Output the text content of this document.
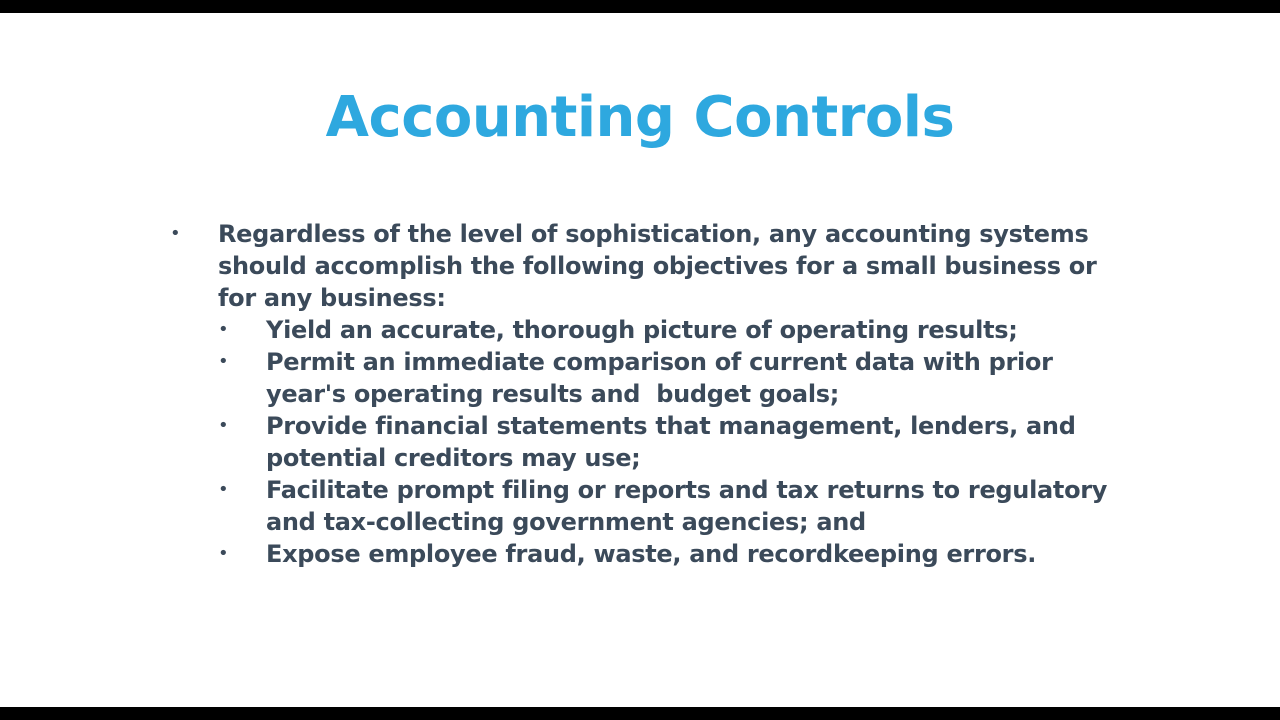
Accounting Controls
•	Regardless of the level of sophistication, any accounting systems should accomplish the following objectives for a small business or for any business:
•	Yield an accurate, thorough picture of operating results;
•	Permit an immediate comparison of current data with prior year's operating results and  budget goals;
•	Provide financial statements that management, lenders, and potential creditors may use;
•	Facilitate prompt filing or reports and tax returns to regulatory and tax-collecting government agencies; and
•	Expose employee fraud, waste, and recordkeeping errors.
